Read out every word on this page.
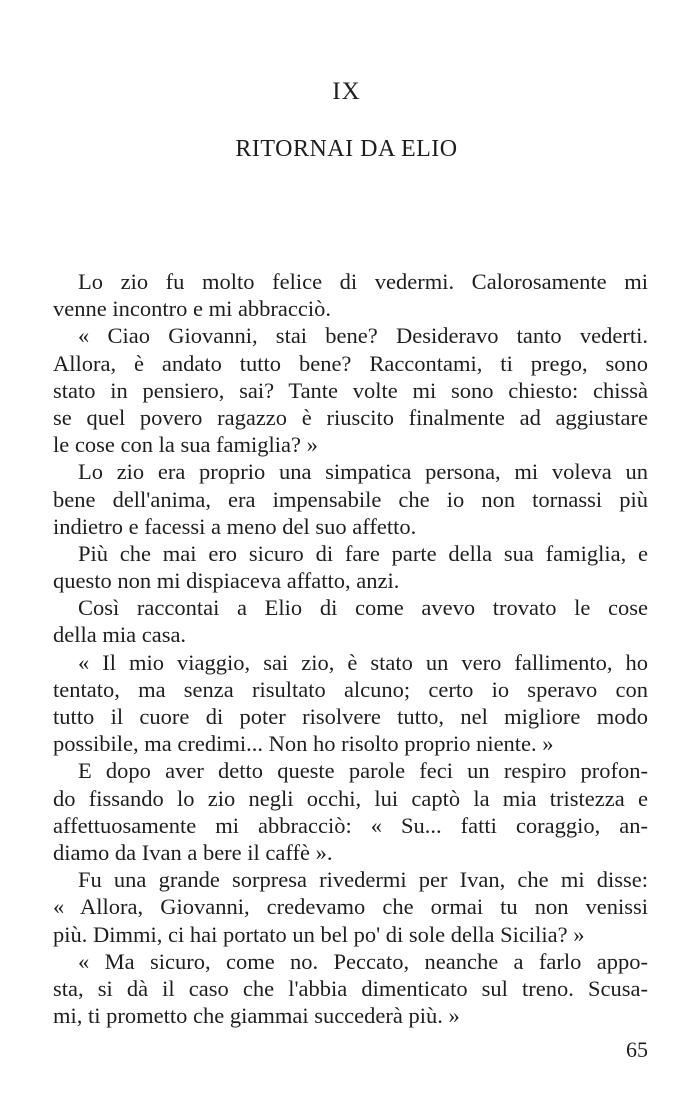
IX
RITORNAI DA ELIO
Lo zio fu molto felice di vedermi. Calorosamente mi
venne incontro e mi abbracciò.
« Ciao Giovanni, stai bene? Desideravo tanto vederti.
Allora, è andato tutto bene? Raccontami, ti prego, sono
stato in pensiero, sai? Tante volte mi sono chiesto: chissà
se quel povero ragazzo è riuscito finalmente ad aggiustare
le cose con la sua famiglia? »
Lo zio era proprio una simpatica persona, mi voleva un
bene dell'anima, era impensabile che io non tornassi più
indietro e facessi a meno del suo affetto.
Più che mai ero sicuro di fare parte della sua famiglia, e
questo non mi dispiaceva affatto, anzi.
Così raccontai a Elio di come avevo trovato le cose
della mia casa.
« Il mio viaggio, sai zio, è stato un vero fallimento, ho
tentato, ma senza risultato alcuno; certo io speravo con
tutto il cuore di poter risolvere tutto, nel migliore modo
possibile, ma credimi... Non ho risolto proprio niente. »
E dopo aver detto queste parole feci un respiro profon-
do fissando lo zio negli occhi, lui captò la mia tristezza e
affettuosamente mi abbracciò: « Su... fatti coraggio, an-
diamo da Ivan a bere il caffè ».
Fu una grande sorpresa rivedermi per Ivan, che mi disse:
« Allora, Giovanni, credevamo che ormai tu non venissi
più. Dimmi, ci hai portato un bel po' di sole della Sicilia? »
« Ma sicuro, come no. Peccato, neanche a farlo appo-
sta, si dà il caso che l'abbia dimenticato sul treno. Scusa-
mi, ti prometto che giammai succederà più. »
65
